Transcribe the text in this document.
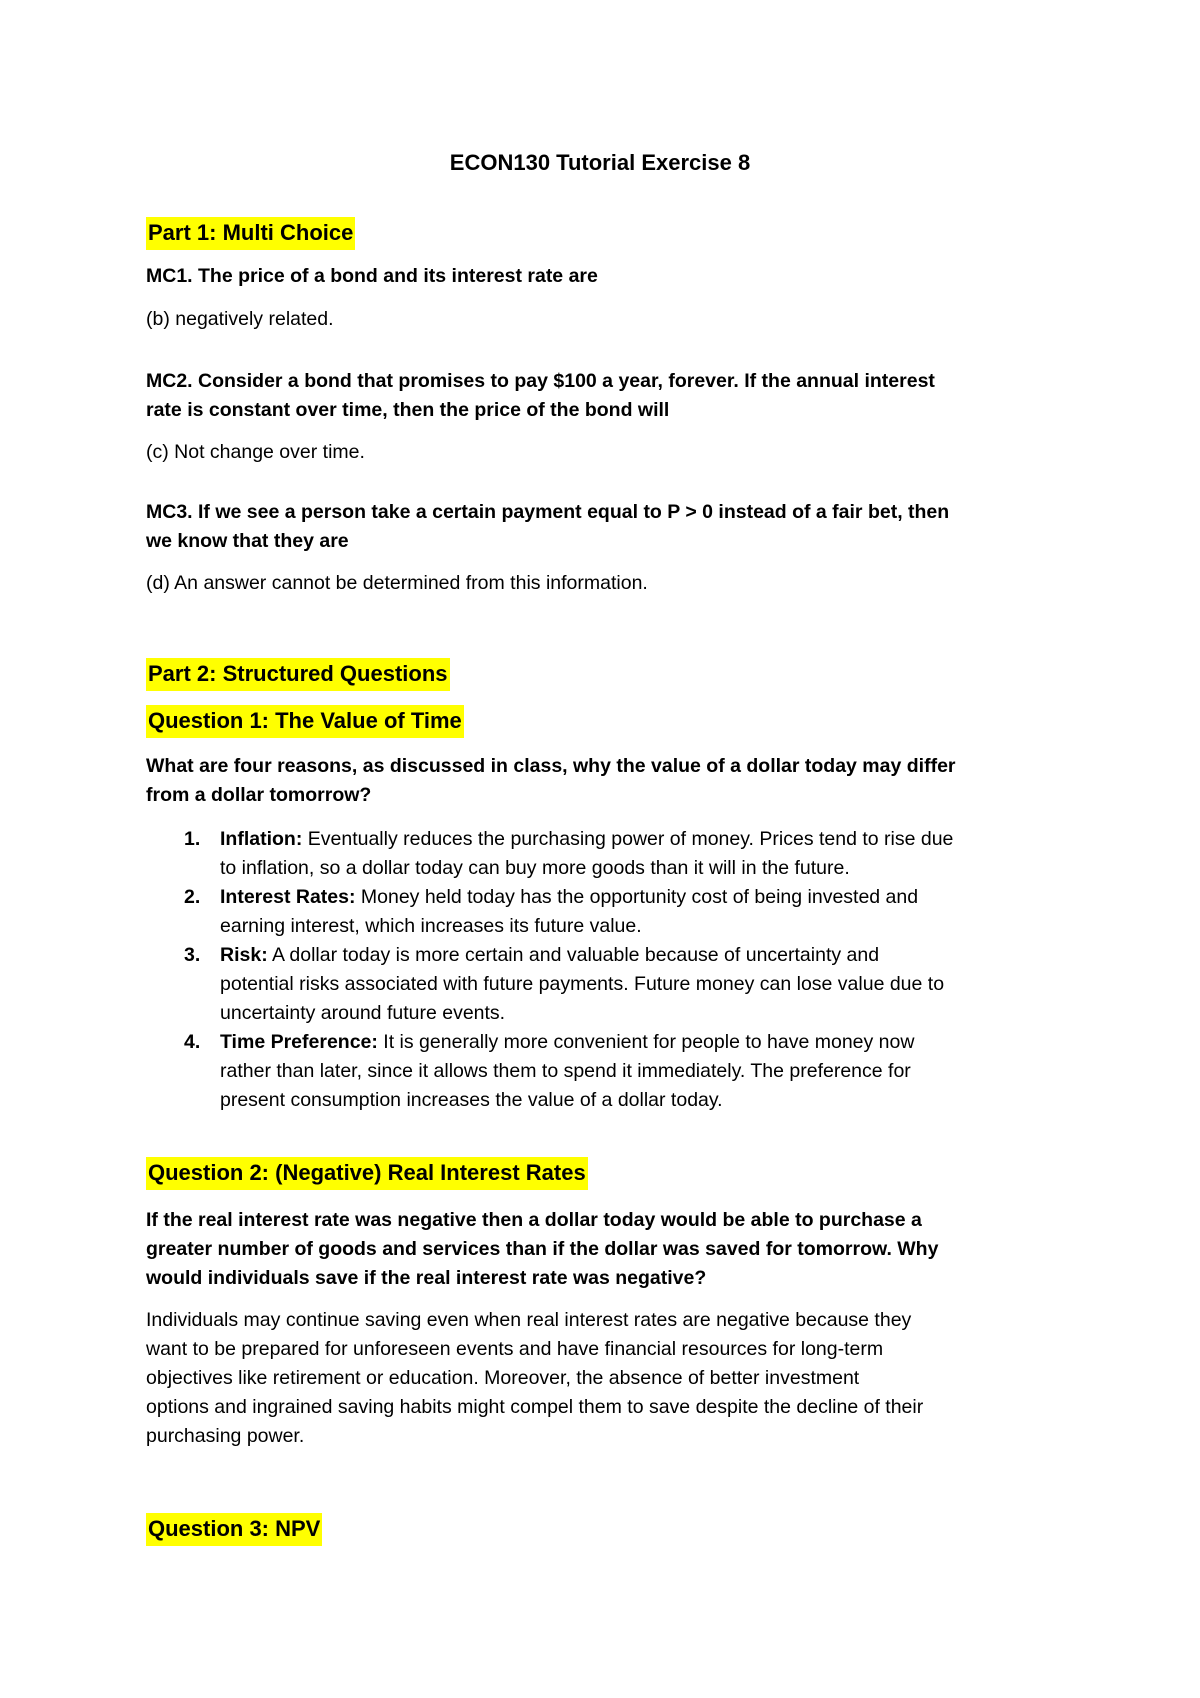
ECON130 Tutorial Exercise 8
Part 1: Multi Choice
MC1. The price of a bond and its interest rate are
(b) negatively related.
MC2. Consider a bond that promises to pay $100 a year, forever. If the annual interest
rate is constant over time, then the price of the bond will
(c) Not change over time.
MC3. If we see a person take a certain payment equal to P > 0 instead of a fair bet, then
we know that they are
(d) An answer cannot be determined from this information.
Part 2: Structured Questions
Question 1: The Value of Time
What are four reasons, as discussed in class, why the value of a dollar today may differ
from a dollar tomorrow?
1. Inflation: Eventually reduces the purchasing power of money. Prices tend to rise due
to inflation, so a dollar today can buy more goods than it will in the future.
2. Interest Rates: Money held today has the opportunity cost of being invested and
earning interest, which increases its future value.
3. Risk: A dollar today is more certain and valuable because of uncertainty and
potential risks associated with future payments. Future money can lose value due to
uncertainty around future events.
4. Time Preference: It is generally more convenient for people to have money now
rather than later, since it allows them to spend it immediately. The preference for
present consumption increases the value of a dollar today.
Question 2: (Negative) Real Interest Rates
If the real interest rate was negative then a dollar today would be able to purchase a
greater number of goods and services than if the dollar was saved for tomorrow. Why
would individuals save if the real interest rate was negative?
Individuals may continue saving even when real interest rates are negative because they
want to be prepared for unforeseen events and have financial resources for long-term
objectives like retirement or education. Moreover, the absence of better investment
options and ingrained saving habits might compel them to save despite the decline of their
purchasing power.
Question 3: NPV
